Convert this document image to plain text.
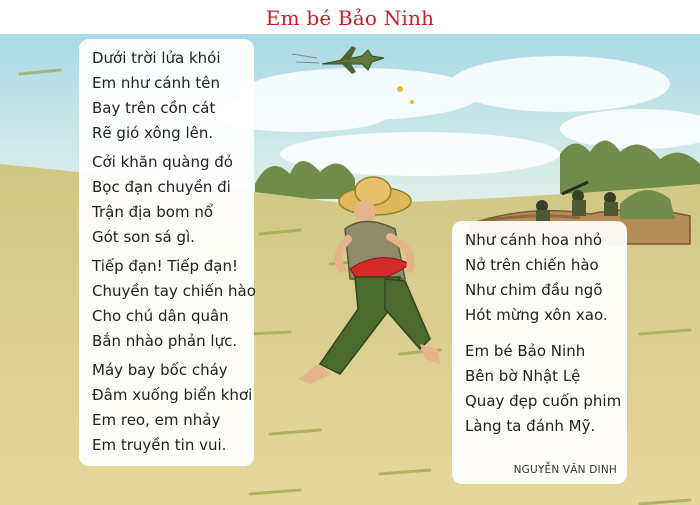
Em bé Bảo Ninh
Dưới trời lửa khói
Em như cánh tên
Bay trên cồn cát
Rẽ gió xông lên.
Cởi khăn quàng đỏ
Bọc đạn chuyền đi
Trận địa bom nổ
Gót son sá gì.
Tiếp đạn! Tiếp đạn!
Chuyền tay chiến hào
Cho chú dân quân
Bắn nhào phản lực.
Máy bay bốc cháy
Đâm xuống biển khơi
Em reo, em nhảy
Em truyền tin vui.
Như cánh hoa nhỏ
Nở trên chiến hào
Như chim đầu ngõ
Hót mừng xôn xao.
Em bé Bảo Ninh
Bên bờ Nhật Lệ
Quay đẹp cuốn phim
Làng ta đánh Mỹ.
NGUYỄN VĂN DINH
